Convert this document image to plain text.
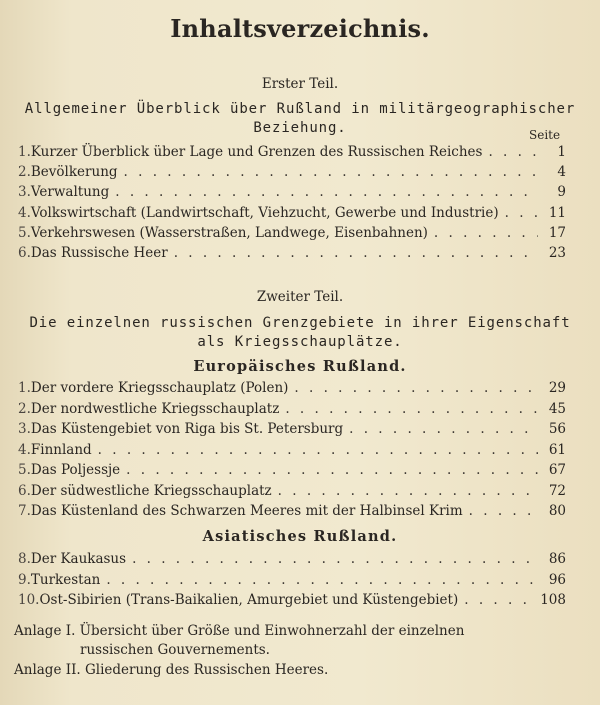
Inhaltsverzeichnis.
Erster Teil.
Allgemeiner Überblick über Rußland in militärgeographischer
Beziehung.	Seite
1. Kurzer Überblick über Lage und Grenzen des Russischen Reiches . . .	1
2. Bevölkerung . . .	4
3. Verwaltung . . .	9
4. Volkswirtschaft (Landwirtschaft, Viehzucht, Gewerbe und Industrie) . . .	11
5. Verkehrswesen (Wasserstraßen, Landwege, Eisenbahnen) . . .	17
6. Das Russische Heer . . .	23
Zweiter Teil.
Die einzelnen russischen Grenzgebiete in ihrer Eigenschaft
als Kriegsschauplätze.
Europäisches Rußland.
1. Der vordere Kriegsschauplatz (Polen) . . .	29
2. Der nordwestliche Kriegsschauplatz . . .	45
3. Das Küstengebiet von Riga bis St. Petersburg . . .	56
4. Finnland . . .	61
5. Das Poljessje . . .	67
6. Der südwestliche Kriegsschauplatz . . .	72
7. Das Küstenland des Schwarzen Meeres mit der Halbinsel Krim . . .	80
Asiatisches Rußland.
8. Der Kaukasus . . .	86
9. Turkestan . . .	96
10. Ost-Sibirien (Trans-Baikalien, Amurgebiet und Küstengebiet) . . .	108
Anlage I. Übersicht über Größe und Einwohnerzahl der einzelnen
russischen Gouvernements.
Anlage II. Gliederung des Russischen Heeres.
